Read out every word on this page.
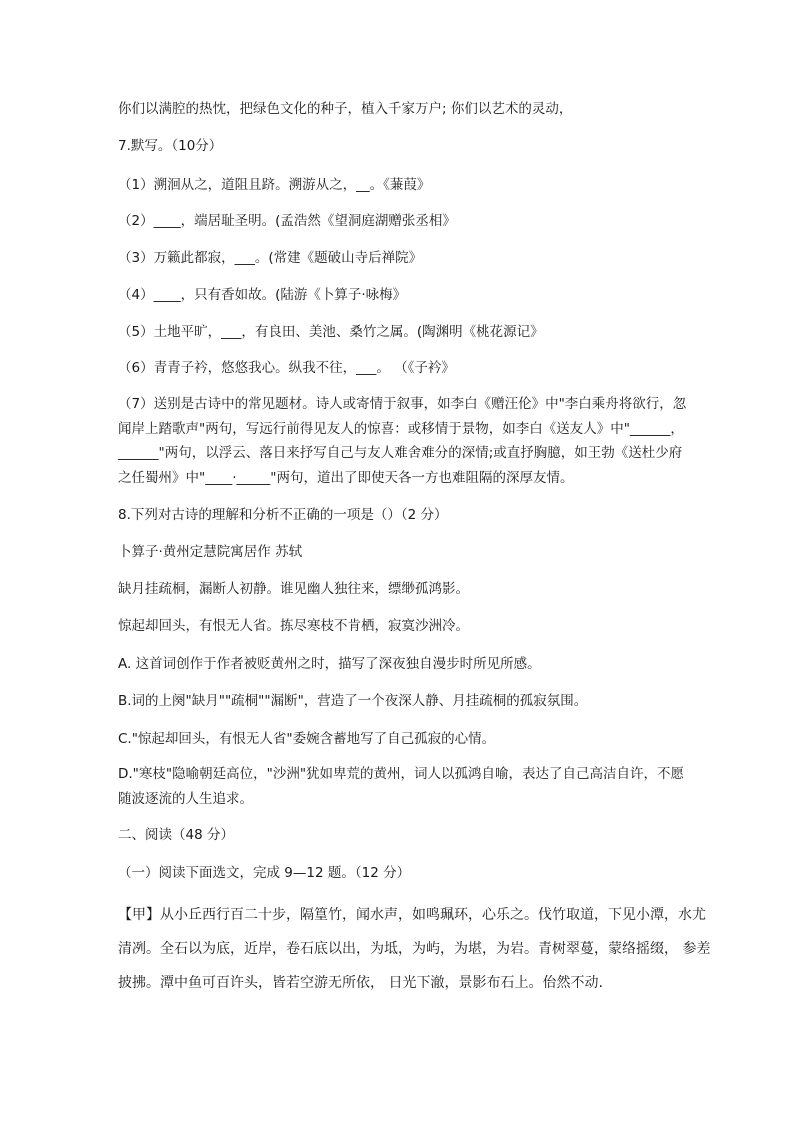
你们以满腔的热忱，把绿色文化的种子，植入千家万户; 你们以艺术的灵动，
7.默写。（10分）
（1）溯洄从之，道阻且跻。溯游从之，__。《蒹葭》
（2）____，端居耻圣明。(孟浩然《望洞庭湖赠张丞相》
（3）万籁此都寂，___。(常建《题破山寺后禅院》
（4）____，只有香如故。(陆游《卜算子·咏梅》
（5）土地平旷，___，有良田、美池、桑竹之属。(陶渊明《桃花源记》
（6）青青子衿，悠悠我心。纵我不往，___。 （《子衿》
（7）送别是古诗中的常见题材。诗人或寄情于叙事，如李白《赠汪伦》中"李白乘舟将欲行，忽闻岸上踏歌声"两句，写远行前得见友人的惊喜：或移情于景物，如李白《送友人》中"______，______"两句，以浮云、落日来抒写自己与友人难舍难分的深情;或直抒胸臆，如王勃《送杜少府之任蜀州》中"____·_____"两句，道出了即使天各一方也难阻隔的深厚友情。
8.下列对古诗的理解和分析不正确的一项是（）（2 分）
卜算子·黄州定慧院寓居作 苏轼
缺月挂疏桐，漏断人初静。谁见幽人独往来，缥缈孤鸿影。
惊起却回头，有恨无人省。拣尽寒枝不肯栖，寂寞沙洲冷。
A. 这首词创作于作者被贬黄州之时，描写了深夜独自漫步时所见所感。
B.词的上阕"缺月""疏桐""漏断"，营造了一个夜深人静、月挂疏桐的孤寂氛围。
C."惊起却回头，有恨无人省"委婉含蓄地写了自己孤寂的心情。
D."寒枝"隐喻朝廷高位，"沙洲"犹如卑荒的黄州，词人以孤鸿自喻，表达了自己高洁自许，不愿随波逐流的人生追求。
二、阅读（48 分）
（一）阅读下面选文，完成 9—12 题。（12 分）
【甲】从小丘西行百二十步，隔篁竹，闻水声，如鸣珮环，心乐之。伐竹取道，下见小潭，水尤清冽。全石以为底，近岸，卷石底以出，为坻，为屿，为堪，为岩。青树翠蔓，蒙络摇缀， 参差披拂。潭中鱼可百许头，皆若空游无所依， 日光下澈，景影布石上。佁然不动.
